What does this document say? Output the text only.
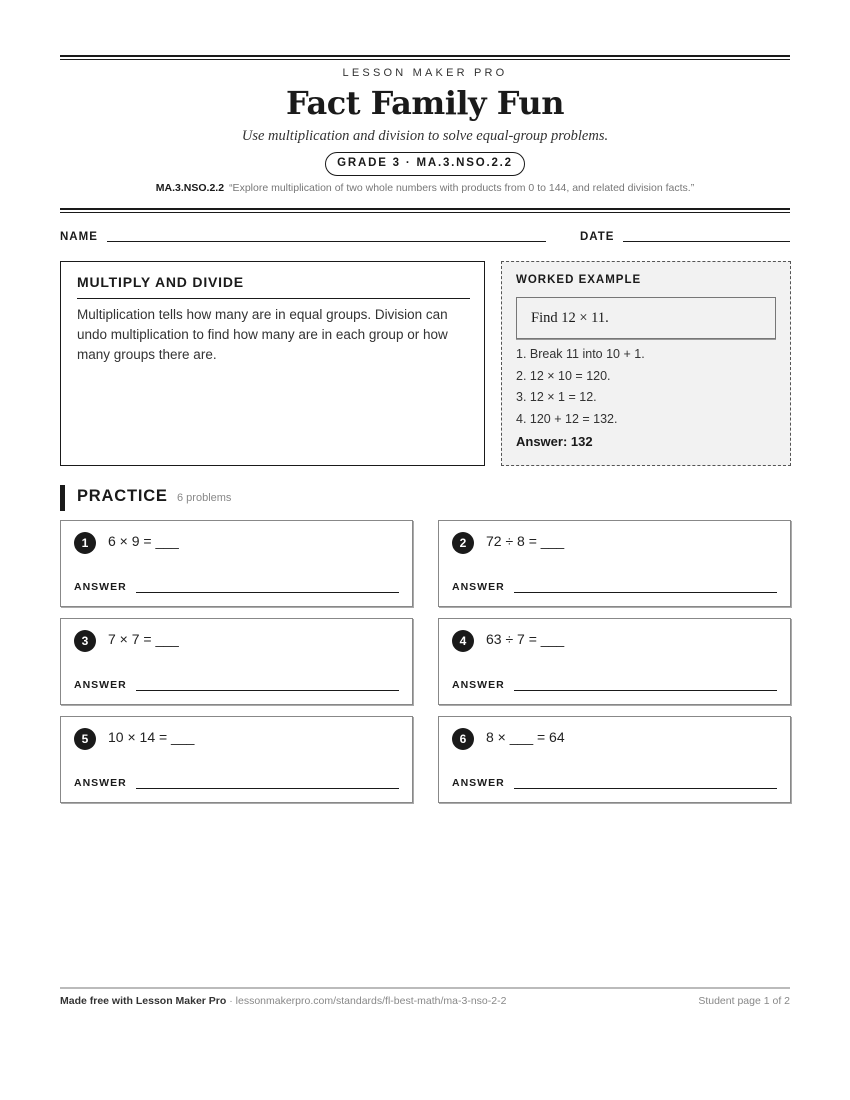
LESSON MAKER PRO
Fact Family Fun
Use multiplication and division to solve equal-group problems.
GRADE 3 · MA.3.NSO.2.2
MA.3.NSO.2.2 “Explore multiplication of two whole numbers with products from 0 to 144, and related division facts.”
NAME	DATE
MULTIPLY AND DIVIDE

Multiplication tells how many are in equal groups. Division can undo multiplication to find how many are in each group or how many groups there are.

WORKED EXAMPLE
Find 12 × 11.
1. Break 11 into 10 + 1.
2. 12 × 10 = 120.
3. 12 × 1 = 12.
4. 120 + 12 = 132.
Answer: 132
PRACTICE 6 problems
1	6 × 9 = ___
ANSWER
2	72 ÷ 8 = ___
ANSWER
3	7 × 7 = ___
ANSWER
4	63 ÷ 7 = ___
ANSWER
5	10 × 14 = ___
ANSWER
6	8 × ___ = 64
ANSWER
Made free with Lesson Maker Pro · lessonmakerpro.com/standards/fl-best-math/ma-3-nso-2-2	Student page 1 of 2
